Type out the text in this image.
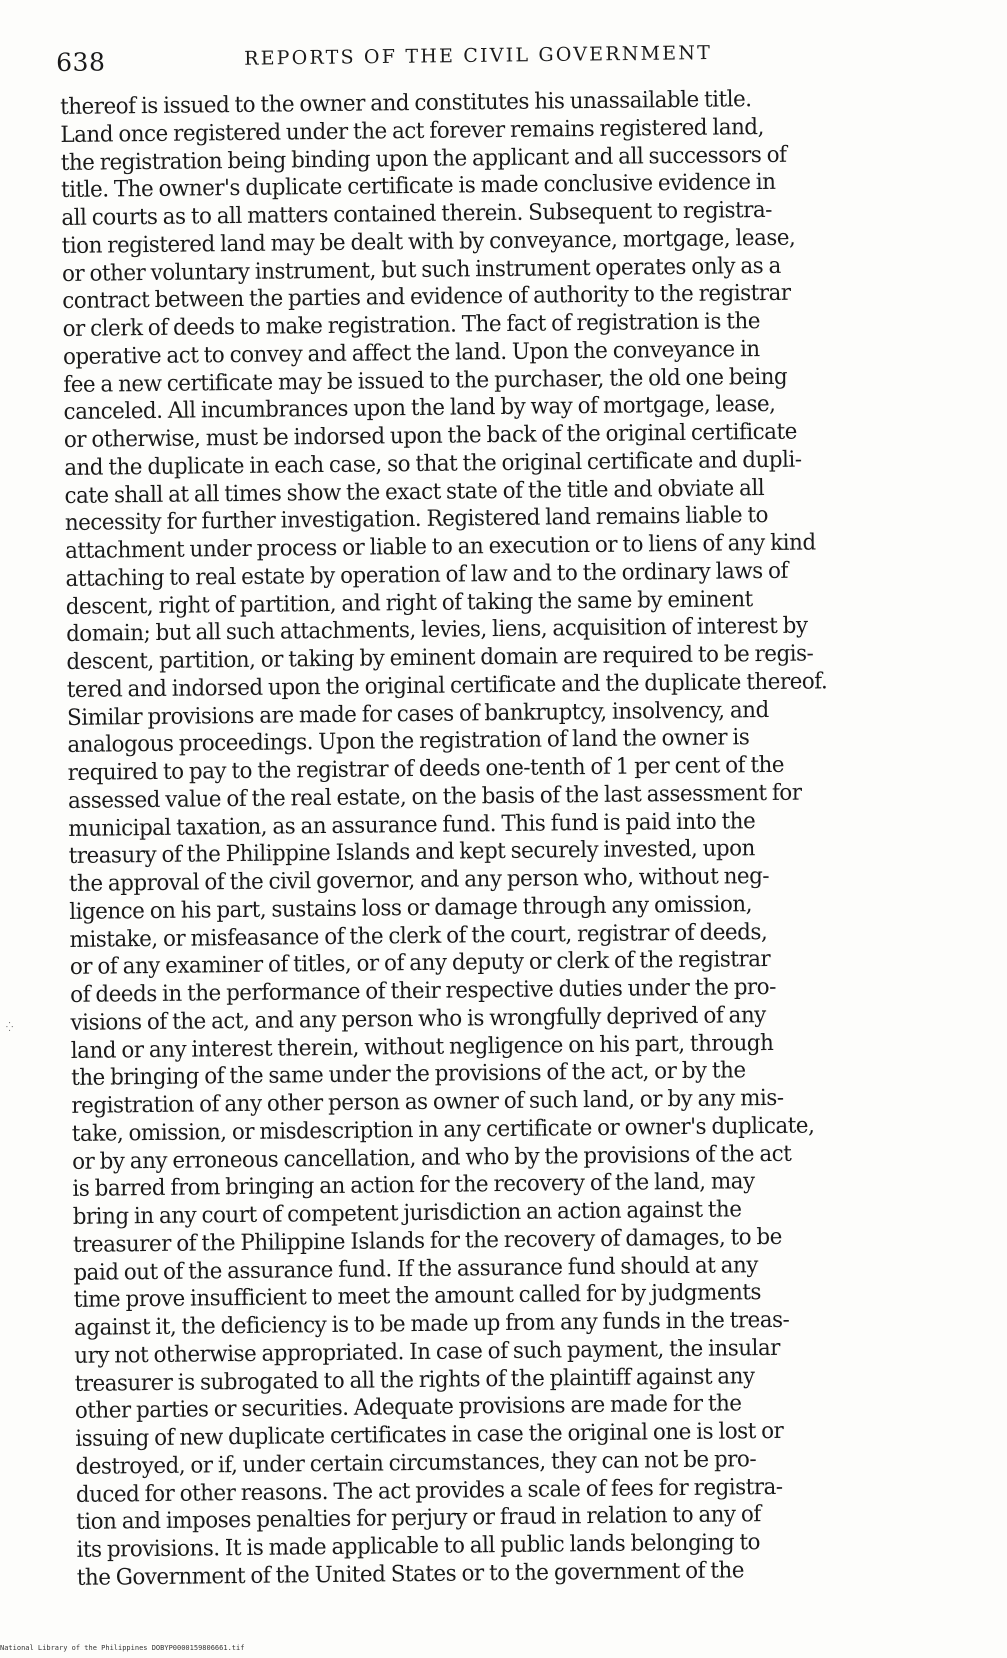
638	REPORTS OF THE CIVIL GOVERNMENT
thereof is issued to the owner and constitutes his unassailable title.
Land once registered under the act forever remains registered land,
the registration being binding upon the applicant and all successors of
title. The owner's duplicate certificate is made conclusive evidence in
all courts as to all matters contained therein. Subsequent to registra-
tion registered land may be dealt with by conveyance, mortgage, lease,
or other voluntary instrument, but such instrument operates only as a
contract between the parties and evidence of authority to the registrar
or clerk of deeds to make registration. The fact of registration is the
operative act to convey and affect the land. Upon the conveyance in
fee a new certificate may be issued to the purchaser, the old one being
canceled. All incumbrances upon the land by way of mortgage, lease,
or otherwise, must be indorsed upon the back of the original certificate
and the duplicate in each case, so that the original certificate and dupli-
cate shall at all times show the exact state of the title and obviate all
necessity for further investigation. Registered land remains liable to
attachment under process or liable to an execution or to liens of any kind
attaching to real estate by operation of law and to the ordinary laws of
descent, right of partition, and right of taking the same by eminent
domain; but all such attachments, levies, liens, acquisition of interest by
descent, partition, or taking by eminent domain are required to be regis-
tered and indorsed upon the original certificate and the duplicate thereof.
Similar provisions are made for cases of bankruptcy, insolvency, and
analogous proceedings. Upon the registration of land the owner is
required to pay to the registrar of deeds one-tenth of 1 per cent of the
assessed value of the real estate, on the basis of the last assessment for
municipal taxation, as an assurance fund. This fund is paid into the
treasury of the Philippine Islands and kept securely invested, upon
the approval of the civil governor, and any person who, without neg-
ligence on his part, sustains loss or damage through any omission,
mistake, or misfeasance of the clerk of the court, registrar of deeds,
or of any examiner of titles, or of any deputy or clerk of the registrar
of deeds in the performance of their respective duties under the pro-
visions of the act, and any person who is wrongfully deprived of any
land or any interest therein, without negligence on his part, through
the bringing of the same under the provisions of the act, or by the
registration of any other person as owner of such land, or by any mis-
take, omission, or misdescription in any certificate or owner's duplicate,
or by any erroneous cancellation, and who by the provisions of the act
is barred from bringing an action for the recovery of the land, may
bring in any court of competent jurisdiction an action against the
treasurer of the Philippine Islands for the recovery of damages, to be
paid out of the assurance fund. If the assurance fund should at any
time prove insufficient to meet the amount called for by judgments
against it, the deficiency is to be made up from any funds in the treas-
ury not otherwise appropriated. In case of such payment, the insular
treasurer is subrogated to all the rights of the plaintiff against any
other parties or securities. Adequate provisions are made for the
issuing of new duplicate certificates in case the original one is lost or
destroyed, or if, under certain circumstances, they can not be pro-
duced for other reasons. The act provides a scale of fees for registra-
tion and imposes penalties for perjury or fraud in relation to any of
its provisions. It is made applicable to all public lands belonging to
the Government of the United States or to the government of the
⁛
National Library of the Philippines DOBYP0000159806661.tif
